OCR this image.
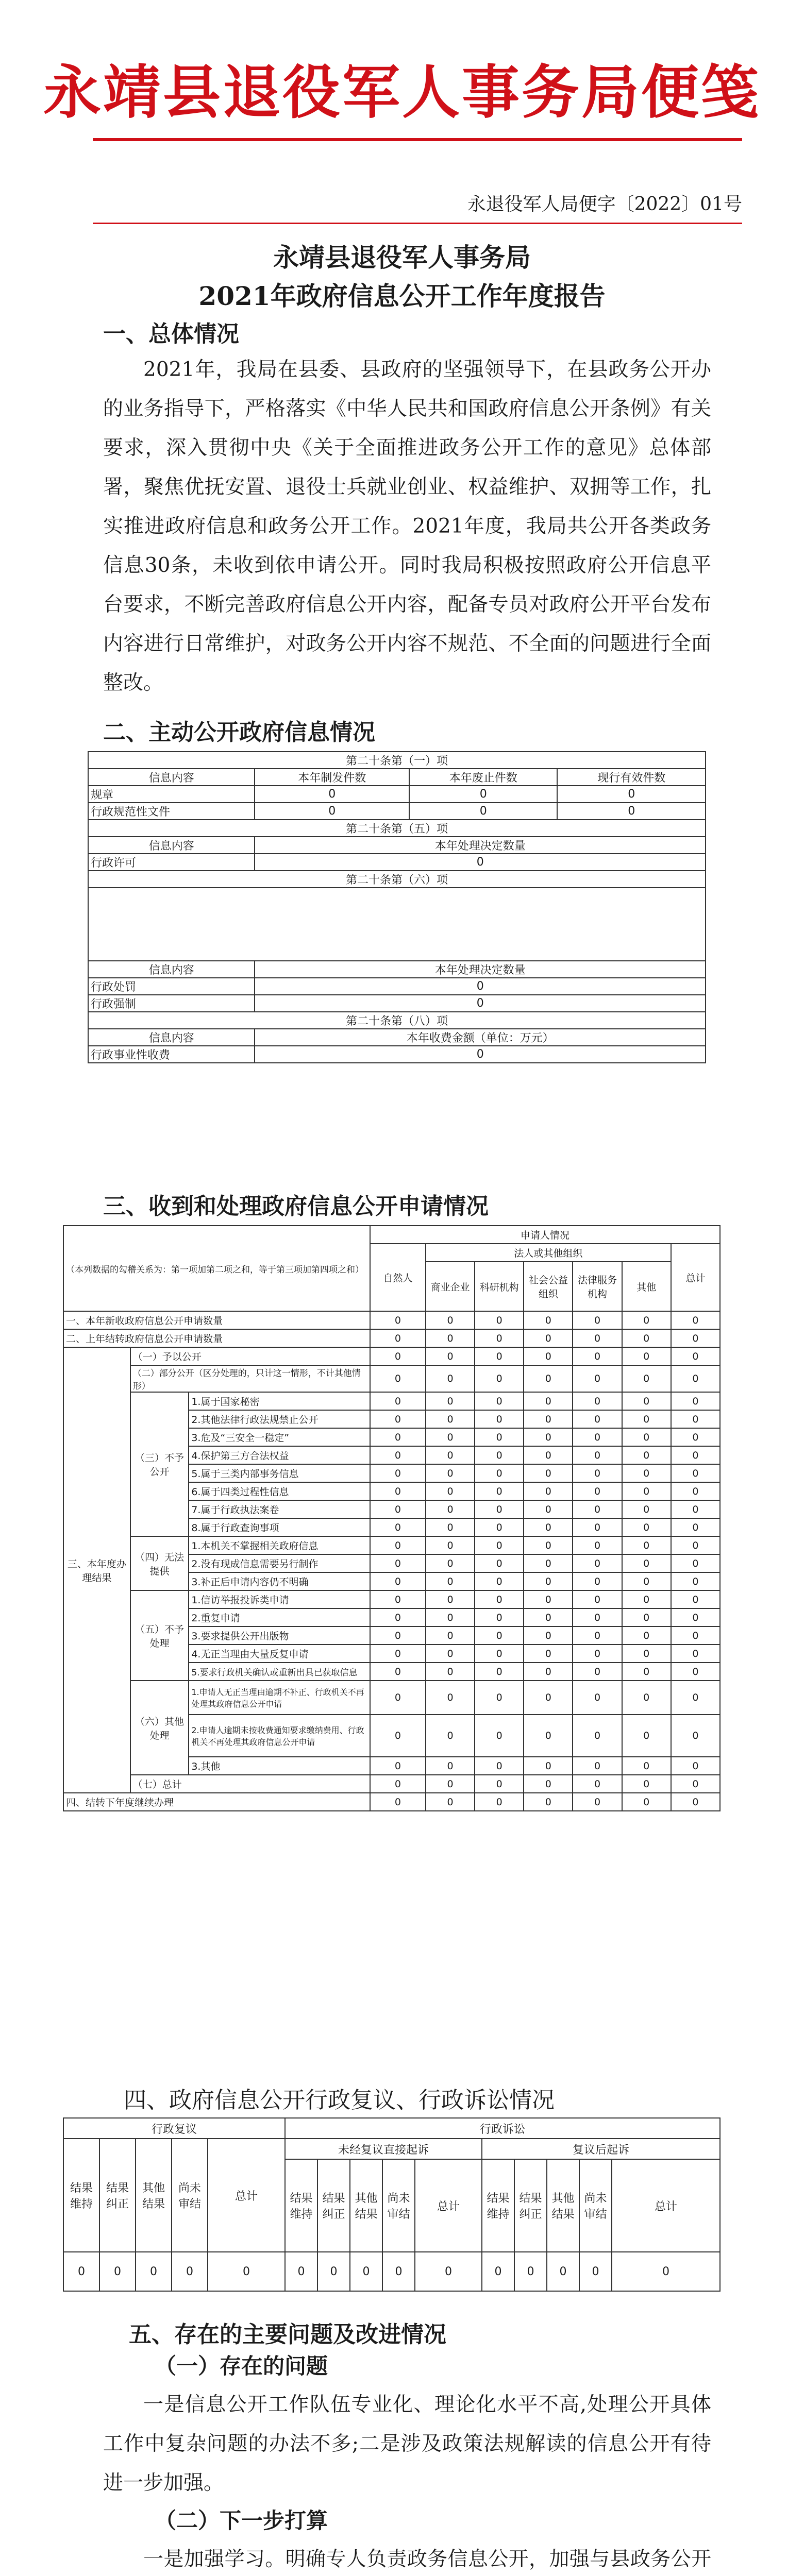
永靖县退役军人事务局便笺
永退役军人局便字〔2022〕01号
永靖县退役军人事务局
2021年政府信息公开工作年度报告
一、总体情况
2021年，我局在县委、县政府的坚强领导下，在县政务公开办的业务指导下，严格落实《中华人民共和国政府信息公开条例》有关要求，深入贯彻中央《关于全面推进政务公开工作的意见》总体部署，聚焦优抚安置、退役士兵就业创业、权益维护、双拥等工作，扎实推进政府信息和政务公开工作。2021年度，我局共公开各类政务信息30条，未收到依申请公开。同时我局积极按照政府公开信息平台要求，不断完善政府信息公开内容，配备专员对政府公开平台发布内容进行日常维护，对政务公开内容不规范、不全面的问题进行全面整改。
二、主动公开政府信息情况
第二十条第（一）项			
信息内容	本年制发件数	本年废止件数	现行有效件数
规章	0	0	0
行政规范性文件	0	0	0
第二十条第（五）项			
信息内容	本年处理决定数量		
行政许可	0		
第二十条第（六）项			

信息内容	本年处理决定数量		
行政处罚	0		
行政强制	0		
第二十条第（八）项			
信息内容	本年收费金额（单位：万元）		
行政事业性收费	0		
三、收到和处理政府信息公开申请情况
（本列数据的勾稽关系为：第一项加第二项之和，等于第三项加第四项之和）			申请人情况						
			自然人	法人或其他组织					总计
				商业企业	科研机构	社会公益组织	法律服务机构	其他	
一、本年新收政府信息公开申请数量			0	0	0	0	0	0	0
二、上年结转政府信息公开申请数量			0	0	0	0	0	0	0
三、本年度办理结果	（一）予以公开		0	0	0	0	0	0	0
	（二）部分公开（区分处理的，只计这一情形，不计其他情形）		0	0	0	0	0	0	0
	（三）不予公开	1.属于国家秘密	0	0	0	0	0	0	0
		2.其他法律行政法规禁止公开	0	0	0	0	0	0	0
		3.危及“三安全一稳定”	0	0	0	0	0	0	0
		4.保护第三方合法权益	0	0	0	0	0	0	0
		5.属于三类内部事务信息	0	0	0	0	0	0	0
		6.属于四类过程性信息	0	0	0	0	0	0	0
		7.属于行政执法案卷	0	0	0	0	0	0	0
		8.属于行政查询事项	0	0	0	0	0	0	0
	（四）无法提供	1.本机关不掌握相关政府信息	0	0	0	0	0	0	0
		2.没有现成信息需要另行制作	0	0	0	0	0	0	0
		3.补正后申请内容仍不明确	0	0	0	0	0	0	0
	（五）不予处理	1.信访举报投诉类申请	0	0	0	0	0	0	0
		2.重复申请	0	0	0	0	0	0	0
		3.要求提供公开出版物	0	0	0	0	0	0	0
		4.无正当理由大量反复申请	0	0	0	0	0	0	0
		5.要求行政机关确认或重新出具已获取信息	0	0	0	0	0	0	0
	（六）其他处理	1.申请人无正当理由逾期不补正、行政机关不再处理其政府信息公开申请	0	0	0	0	0	0	0
		2.申请人逾期未按收费通知要求缴纳费用、行政机关不再处理其政府信息公开申请	0	0	0	0	0	0	0
		3.其他	0	0	0	0	0	0	0
	（七）总计		0	0	0	0	0	0	0
四、结转下年度继续办理			0	0	0	0	0	0	0
四、政府信息公开行政复议、行政诉讼情况
行政复议					行政诉讼									
结果维持	结果纠正	其他结果	尚未审结	总计	未经复议直接起诉					复议后起诉				
					结果维持	结果纠正	其他结果	尚未审结	总计	结果维持	结果纠正	其他结果	尚未审结	总计
0	0	0	0	0	0	0	0	0	0	0	0	0	0	0
五、存在的主要问题及改进情况
（一）存在的问题
一是信息公开工作队伍专业化、理论化水平不高,处理公开具体工作中复杂问题的办法不多;二是涉及政策法规解读的信息公开有待进一步加强。
（二）下一步打算
一是加强学习。明确专人负责政务信息公开，加强与县政务公开
